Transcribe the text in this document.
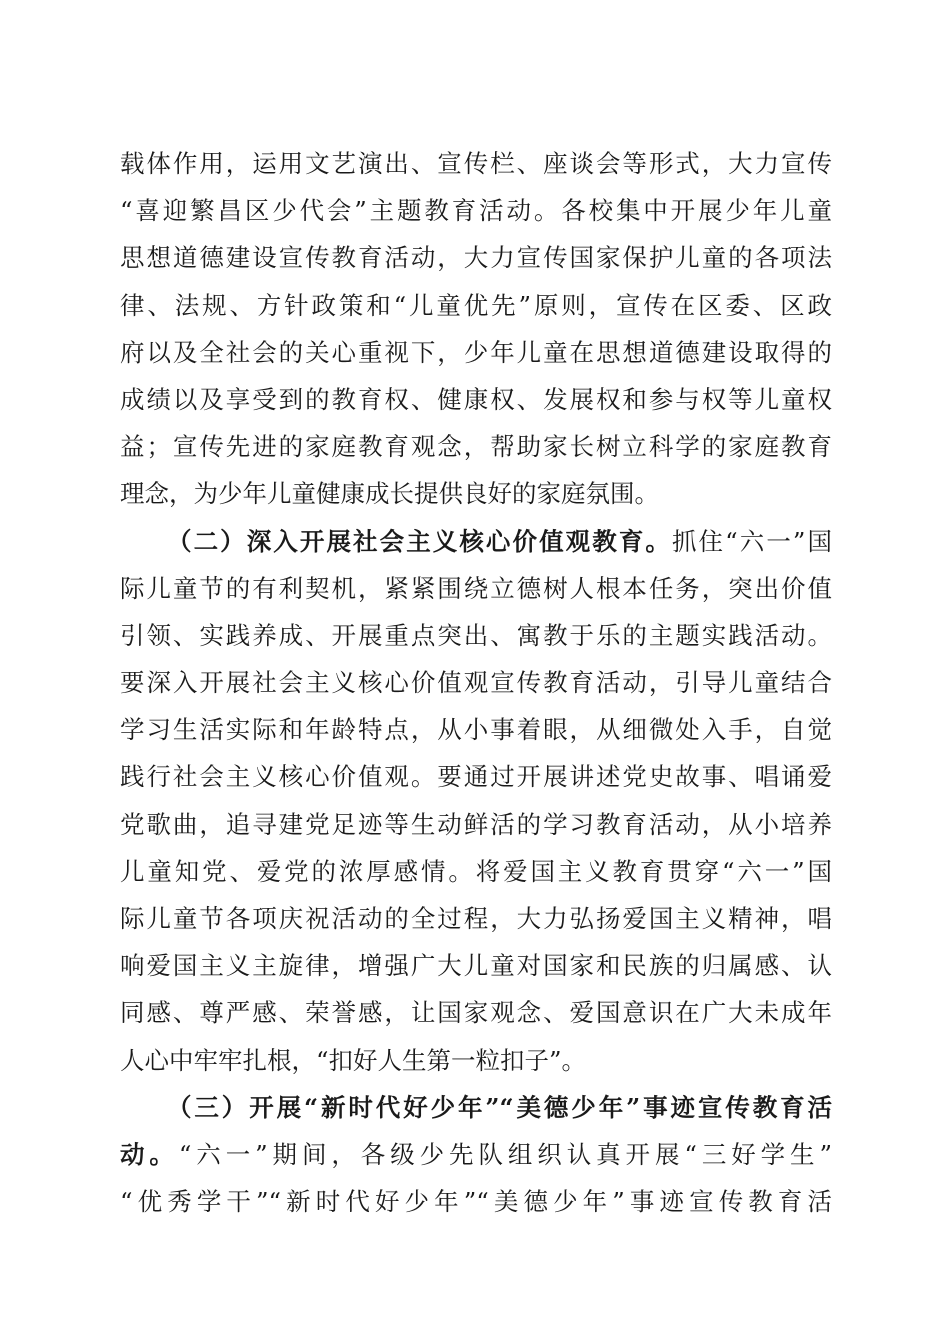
载体作用，运用文艺演出、宣传栏、座谈会等形式，大力宣传
“喜迎繁昌区少代会”主题教育活动。各校集中开展少年儿童
思想道德建设宣传教育活动，大力宣传国家保护儿童的各项法
律、法规、方针政策和“儿童优先”原则，宣传在区委、区政
府以及全社会的关心重视下，少年儿童在思想道德建设取得的
成绩以及享受到的教育权、健康权、发展权和参与权等儿童权
益；宣传先进的家庭教育观念，帮助家长树立科学的家庭教育
理念，为少年儿童健康成长提供良好的家庭氛围。
（二）深入开展社会主义核心价值观教育。抓住“六一”国
际儿童节的有利契机，紧紧围绕立德树人根本任务，突出价值
引领、实践养成、开展重点突出、寓教于乐的主题实践活动。
要深入开展社会主义核心价值观宣传教育活动，引导儿童结合
学习生活实际和年龄特点，从小事着眼，从细微处入手，自觉
践行社会主义核心价值观。要通过开展讲述党史故事、唱诵爱
党歌曲，追寻建党足迹等生动鲜活的学习教育活动，从小培养
儿童知党、爱党的浓厚感情。将爱国主义教育贯穿“六一”国
际儿童节各项庆祝活动的全过程，大力弘扬爱国主义精神，唱
响爱国主义主旋律，增强广大儿童对国家和民族的归属感、认
同感、尊严感、荣誉感，让国家观念、爱国意识在广大未成年
人心中牢牢扎根，“扣好人生第一粒扣子”。
（三）开展“新时代好少年”“美德少年”事迹宣传教育活
动。“六一”期间，各级少先队组织认真开展“三好学生”
“优秀学干”“新时代好少年”“美德少年”事迹宣传教育活
